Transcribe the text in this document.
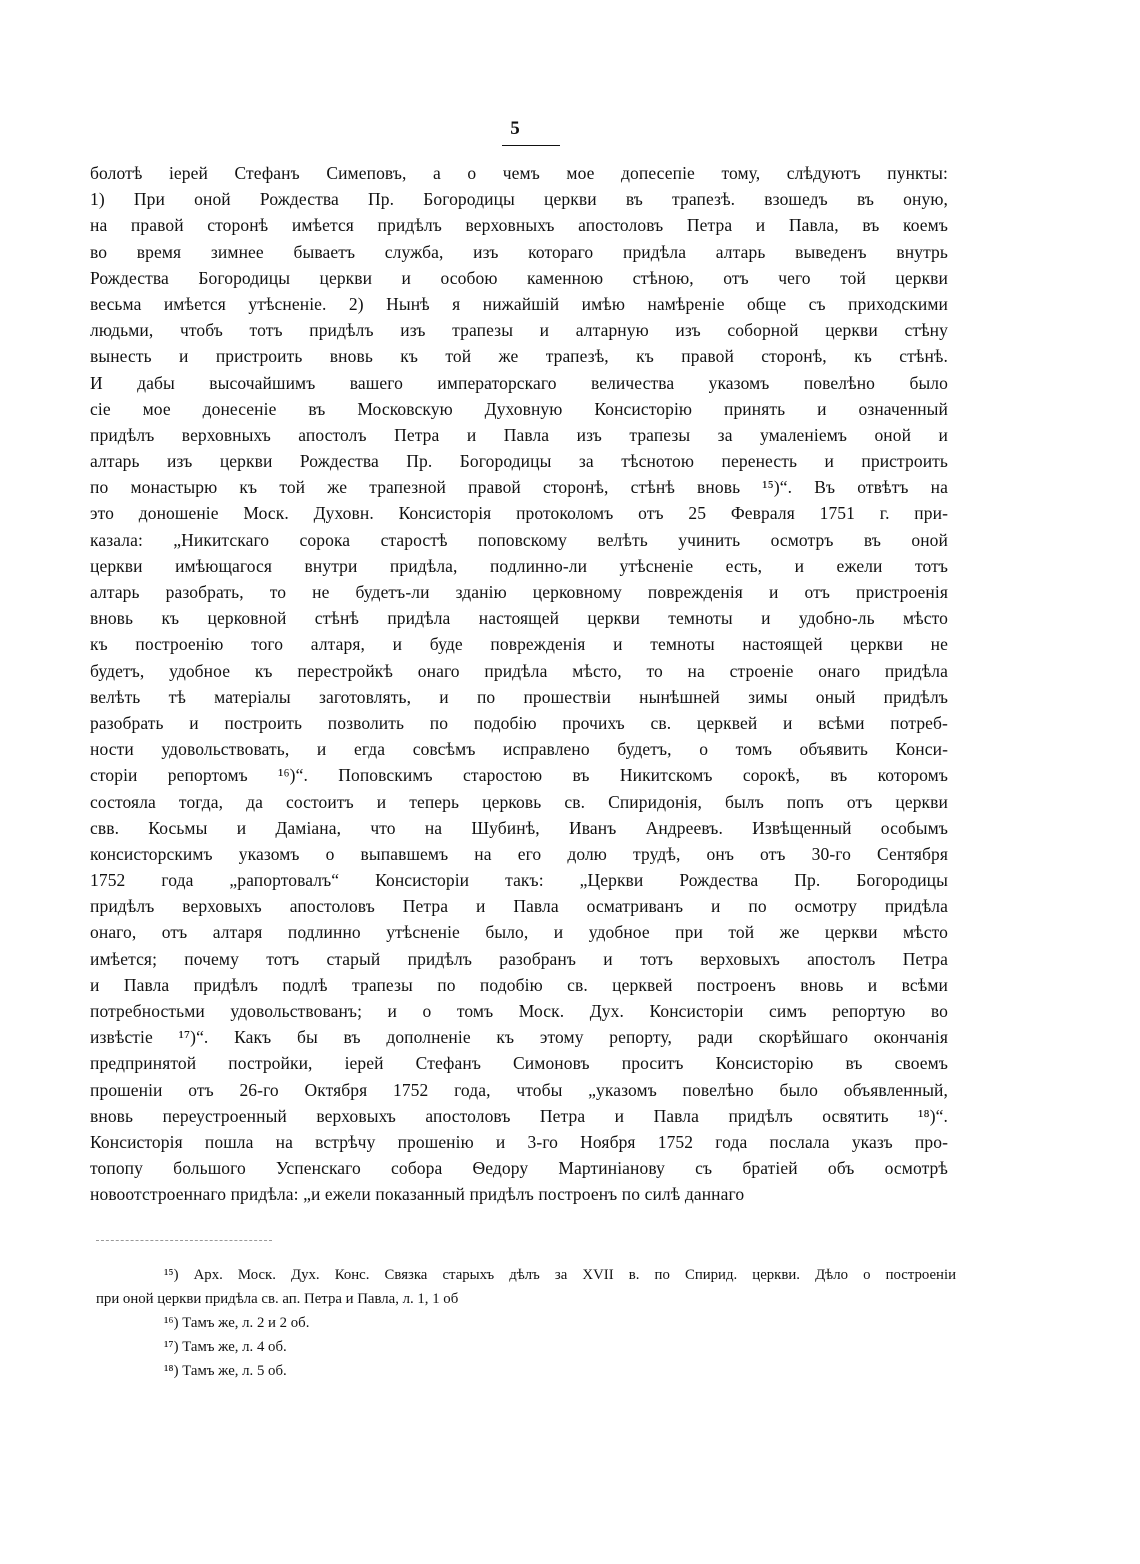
5
болотѣ іерей Стефанъ Симеповъ, а о чемъ мое допесепіе тому, слѣдуютъ пункты:
1) При оной Рождества Пр. Богородицы церкви въ трапезѣ. взошедъ въ оную,
на правой сторонѣ имѣется придѣлъ верховныхъ апостоловъ Петра и Павла, въ коемъ
во время зимнее бываетъ служба, изъ котораго придѣла алтарь выведенъ внутрь
Рождества Богородицы церкви и особою каменною стѣною, отъ чего той церкви
весьма имѣется утѣсненіе. 2) Нынѣ я нижайшій имѣю намѣреніе обще съ приходскими
людьми, чтобъ тотъ придѣлъ изъ трапезы и алтарную изъ соборной церкви стѣну
вынесть и пристроить вновь къ той же трапезѣ, къ правой сторонѣ, къ стѣнѣ.
И дабы высочайшимъ вашего императорскаго величества указомъ повелѣно было
сіе мое донесеніе въ Московскую Духовную Консисторію принять и означенный
придѣлъ верховныхъ апостолъ Петра и Павла изъ трапезы за умаленіемъ оной и
алтарь изъ церкви Рождества Пр. Богородицы за тѣснотою перенесть и пристроить
по монастырю къ той же трапезной правой сторонѣ, стѣнѣ вновь ¹⁵)“. Въ отвѣтъ на
это доношеніе Моск. Духовн. Консисторія протоколомъ отъ 25 Февраля 1751 г. при-
казала: „Никитскаго сорока старостѣ поповскому велѣть учинить осмотръ въ оной
церкви имѣющагося внутри придѣла, подлинно-ли утѣсненіе есть, и ежели тотъ
алтарь разобрать, то не будетъ-ли зданію церковному поврежденія и отъ пристроенія
вновь къ церковной стѣнѣ придѣла настоящей церкви темноты и удобно-ль мѣсто
къ построенію того алтаря, и буде поврежденія и темноты настоящей церкви не
будетъ, удобное къ перестройкѣ онаго придѣла мѣсто, то на строеніе онаго придѣла
велѣть тѣ матеріалы заготовлять, и по прошествіи нынѣшней зимы оный придѣлъ
разобрать и построить позволить по подобію прочихъ св. церквей и всѣми потреб-
ности удовольствовать, и егда совсѣмъ исправлено будетъ, о томъ объявить Конси-
сторіи репортомъ ¹⁶)“. Поповскимъ старостою въ Никитскомъ сорокѣ, въ которомъ
состояла тогда, да состоитъ и теперь церковь св. Спиридонія, былъ попъ отъ церкви
свв. Косьмы и Даміана, что на Шубинѣ, Иванъ Андреевъ. Извѣщенный особымъ
консисторскимъ указомъ о выпавшемъ на его долю трудѣ, онъ отъ 30-го Сентября
1752 года „рапортовалъ“ Консисторіи такъ: „Церкви Рождества Пр. Богородицы
придѣлъ верховыхъ апостоловъ Петра и Павла осматриванъ и по осмотру придѣла
онаго, отъ алтаря подлинно утѣсненіе было, и удобное при той же церкви мѣсто
имѣется; почему тотъ старый придѣлъ разобранъ и тотъ верховыхъ апостолъ Петра
и Павла придѣлъ подлѣ трапезы по подобію св. церквей построенъ вновь и всѣми
потребностьми удовольствованъ; и о томъ Моск. Дух. Консисторіи симъ репортую во
извѣстіе ¹⁷)“. Какъ бы въ дополненіе къ этому репорту, ради скорѣйшаго окончанія
предпринятой постройки, іерей Стефанъ Симоновъ проситъ Консисторію въ своемъ
прошеніи отъ 26-го Октября 1752 года, чтобы „указомъ повелѣно было объявленный,
вновь переустроенный верховыхъ апостоловъ Петра и Павла придѣлъ освятить ¹⁸)“.
Консисторія пошла на встрѣчу прошенію и 3-го Ноября 1752 года послала указъ про-
топопу большого Успенскаго собора Ѳедору Мартиніанову съ братіей объ осмотрѣ
новоотстроеннаго придѣла: „и ежели показанный придѣлъ построенъ по силѣ даннаго
¹⁵) Арх. Моск. Дух. Конс. Связка старыхъ дѣлъ за XVII в. по Спирид. церкви. Дѣло о построеніи
при оной церкви придѣла св. ап. Петра и Павла, л. 1, 1 об
¹⁶) Тамъ же, л. 2 и 2 об.
¹⁷) Тамъ же, л. 4 об.
¹⁸) Тамъ же, л. 5 об.
